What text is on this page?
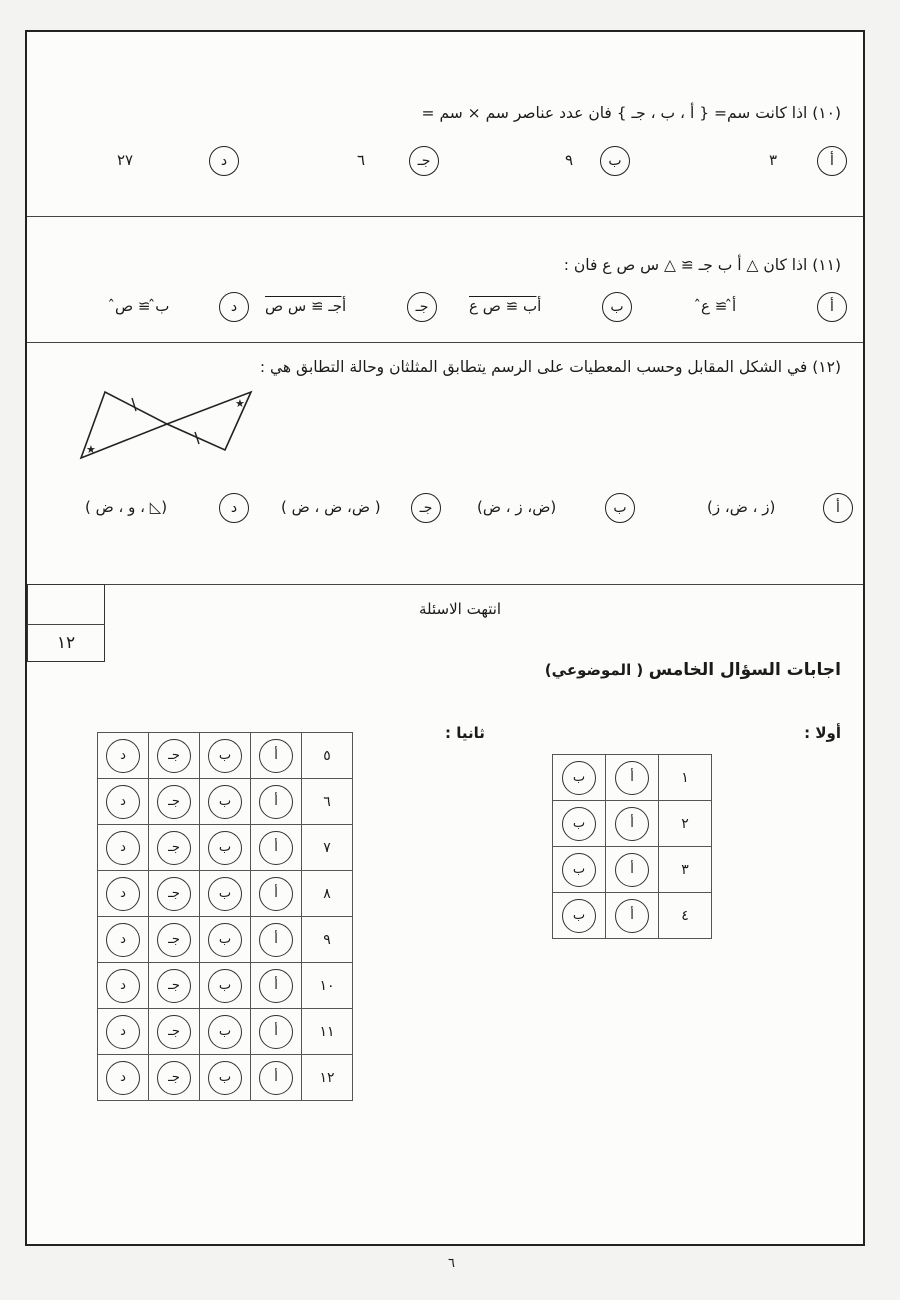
(١٠) اذا كانت سم= { أ ، ب ، جـ } فان عدد عناصر سم × سم =
أ
٣
ب
٩
جـ
٦
د
٢٧
(١١) اذا كان △ أ ب جـ ≅ △ س ص ع فان :
أ
أ̂ ≅ ع̂
ب
أب ≅ ص ع
جـ
أجـ ≅ س ص
د
ب̂ ≅ ص̂
(١٢) في الشكل المقابل وحسب المعطيات على الرسم يتطابق المثلثان وحالة التطابق هي :
★
★
أ
(ز ، ض، ز)
ب
(ض، ز ، ض)
جـ
( ض، ض ، ض )
د
(◺ ، و ، ض )
١٢
انتهت الاسئلة
اجابات السؤال الخامس ( الموضوعي)
أولا :
ثانيا :
ب	أ	١
ب	أ	٢
ب	أ	٣
ب	أ	٤
د	جـ	ب	أ	٥
د	جـ	ب	أ	٦
د	جـ	ب	أ	٧
د	جـ	ب	أ	٨
د	جـ	ب	أ	٩
د	جـ	ب	أ	١٠
د	جـ	ب	أ	١١
د	جـ	ب	أ	١٢
٦
